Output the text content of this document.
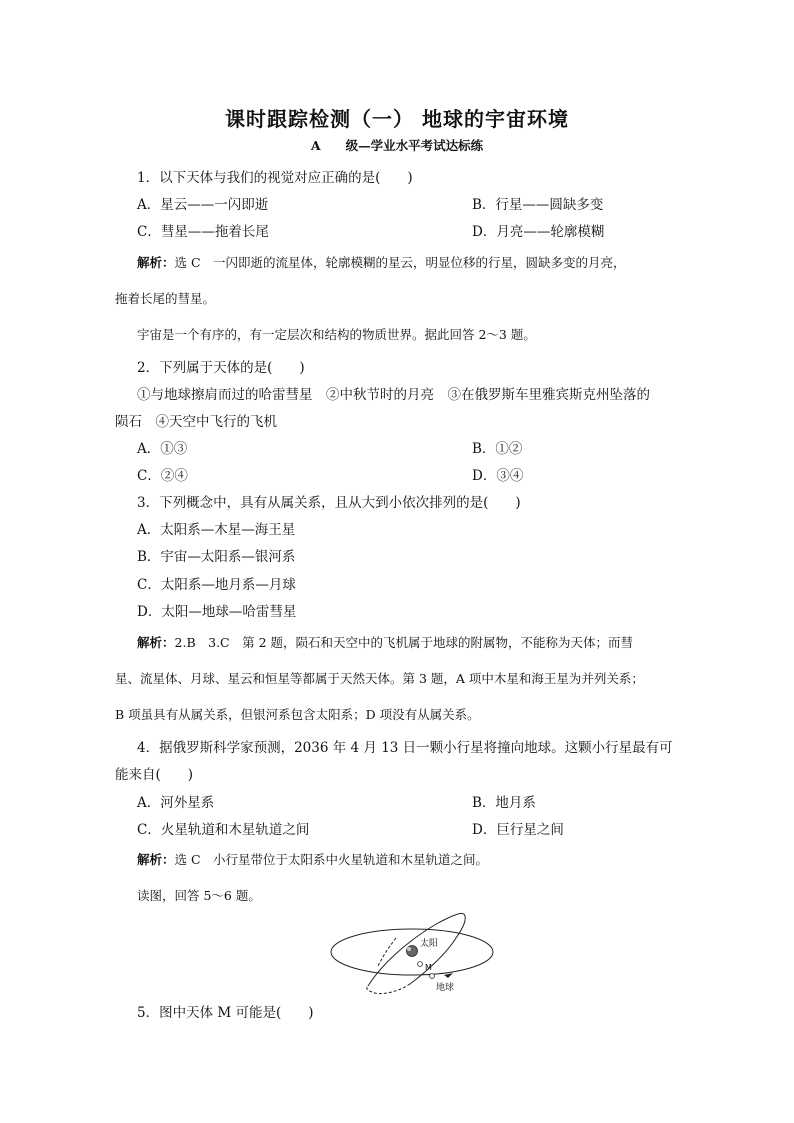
课时跟踪检测（一） 地球的宇宙环境
A　　级—学业水平考试达标练
1．以下天体与我们的视觉对应正确的是(　　)
A．星云——一闪即逝	B．行星——圆缺多变
C．彗星——拖着长尾	D．月亮——轮廓模糊
解析：选 C　一闪即逝的流星体，轮廓模糊的星云，明显位移的行星，圆缺多变的月亮，
拖着长尾的彗星。
宇宙是一个有序的，有一定层次和结构的物质世界。据此回答 2～3 题。
2．下列属于天体的是(　　)
①与地球擦肩而过的哈雷彗星　②中秋节时的月亮　③在俄罗斯车里雅宾斯克州坠落的
陨石　④天空中飞行的飞机
A．①③	B．①②
C．②④	D．③④
3．下列概念中，具有从属关系，且从大到小依次排列的是(　　)
A．太阳系—木星—海王星
B．宇宙—太阳系—银河系
C．太阳系—地月系—月球
D．太阳—地球—哈雷彗星
解析：2.B　3.C　第 2 题，陨石和天空中的飞机属于地球的附属物，不能称为天体；而彗
星、流星体、月球、星云和恒星等都属于天然天体。第 3 题，A 项中木星和海王星为并列关系；
B 项虽具有从属关系，但银河系包含太阳系；D 项没有从属关系。
4．据俄罗斯科学家预测，2036 年 4 月 13 日一颗小行星将撞向地球。这颗小行星最有可
能来自(　　)
A．河外星系	B．地月系
C．火星轨道和木星轨道之间	D．巨行星之间
解析：选 C　小行星带位于太阳系中火星轨道和木星轨道之间。
读图，回答 5～6 题。
太阳
M
地球
5．图中天体 M 可能是(　　)
